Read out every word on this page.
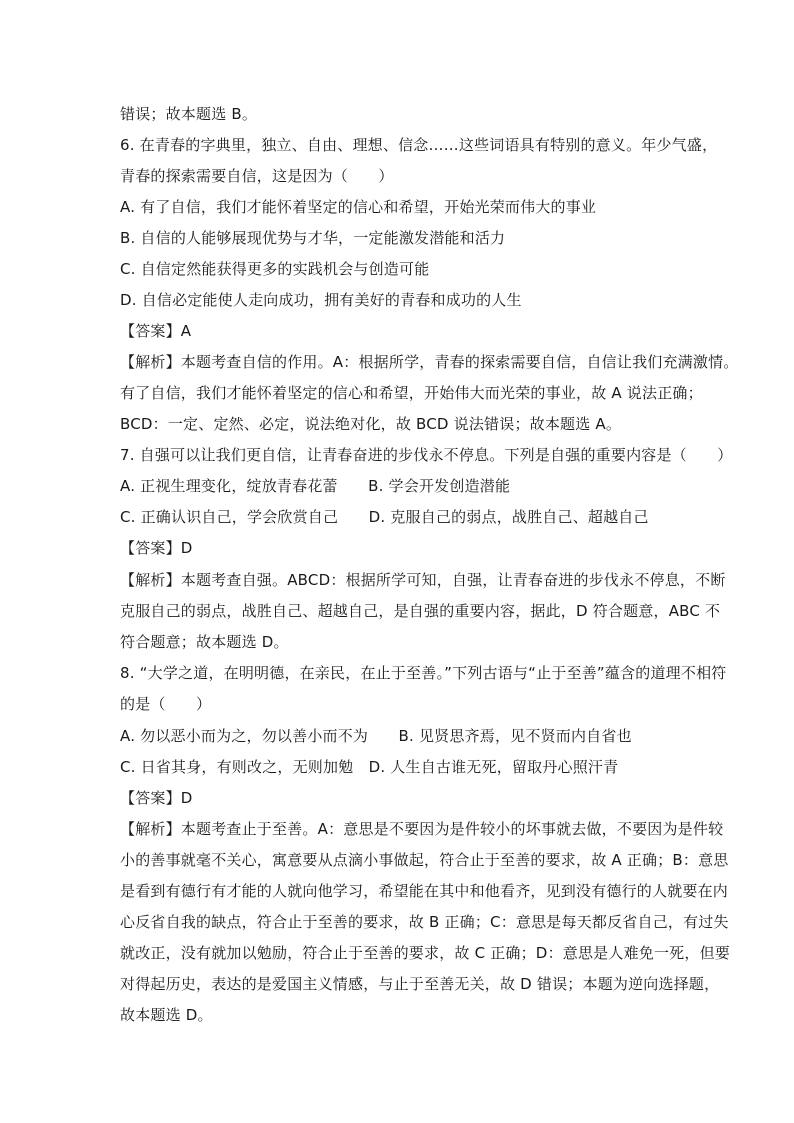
错误；故本题选 B。
6. 在青春的字典里，独立、自由、理想、信念……这些词语具有特别的意义。年少气盛，
青春的探索需要自信，这是因为（　　）
A. 有了自信，我们才能怀着坚定的信心和希望，开始光荣而伟大的事业
B. 自信的人能够展现优势与才华，一定能激发潜能和活力
C. 自信定然能获得更多的实践机会与创造可能
D. 自信必定能使人走向成功，拥有美好的青春和成功的人生
【答案】A
【解析】本题考查自信的作用。A：根据所学，青春的探索需要自信，自信让我们充满激情。
有了自信，我们才能怀着坚定的信心和希望，开始伟大而光荣的事业，故 A 说法正确；
BCD：一定、定然、必定，说法绝对化，故 BCD 说法错误；故本题选 A。
7. 自强可以让我们更自信，让青春奋进的步伐永不停息。下列是自强的重要内容是（　　）
A. 正视生理变化，绽放青春花蕾　　B. 学会开发创造潜能
C. 正确认识自己，学会欣赏自己　　D. 克服自己的弱点，战胜自己、超越自己
【答案】D
【解析】本题考查自强。ABCD：根据所学可知，自强，让青春奋进的步伐永不停息，不断
克服自己的弱点，战胜自己、超越自己，是自强的重要内容，据此，D 符合题意，ABC 不
符合题意；故本题选 D。
8. “大学之道，在明明德，在亲民，在止于至善。”下列古语与“止于至善”蕴含的道理不相符
的是（　　）
A. 勿以恶小而为之，勿以善小而不为　　B. 见贤思齐焉，见不贤而内自省也
C. 日省其身，有则改之，无则加勉　D. 人生自古谁无死，留取丹心照汗青
【答案】D
【解析】本题考查止于至善。A：意思是不要因为是件较小的坏事就去做，不要因为是件较
小的善事就毫不关心，寓意要从点滴小事做起，符合止于至善的要求，故 A 正确；B：意思
是看到有德行有才能的人就向他学习，希望能在其中和他看齐，见到没有德行的人就要在内
心反省自我的缺点，符合止于至善的要求，故 B 正确；C：意思是每天都反省自己，有过失
就改正，没有就加以勉励，符合止于至善的要求，故 C 正确；D：意思是人难免一死，但要
对得起历史，表达的是爱国主义情感，与止于至善无关，故 D 错误；本题为逆向选择题，
故本题选 D。
